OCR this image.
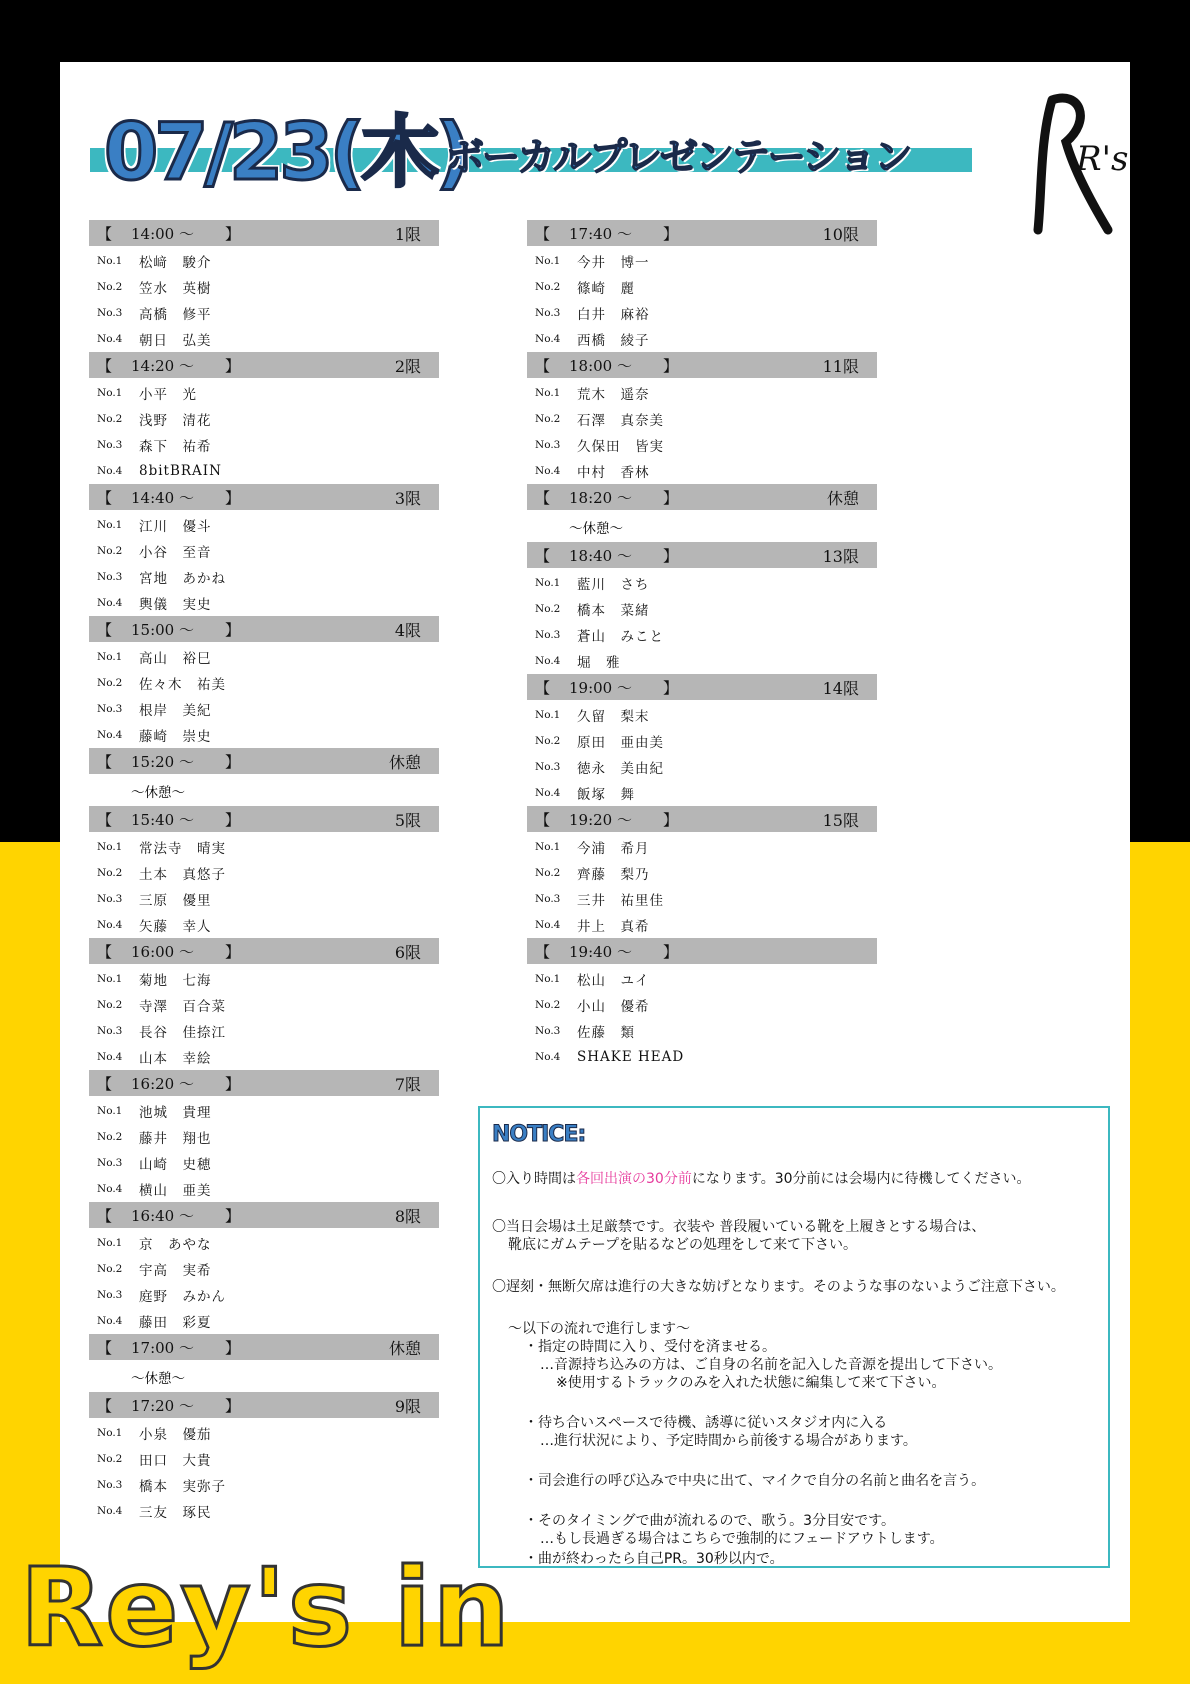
07/23(木)
ボーカルプレゼンテーション	R's
【 14:00 〜 】	1限
No.1	松﨑　駿介
No.2	笠水　英樹
No.3	高橋　修平
No.4	朝日　弘美
【 14:20 〜 】	2限
No.1	小平　光
No.2	浅野　清花
No.3	森下　祐希
No.4	8bitBRAIN
【 14:40 〜 】	3限
No.1	江川　優斗
No.2	小谷　至音
No.3	宮地　あかね
No.4	輿儀　実史
【 15:00 〜 】	4限
No.1	高山　裕巳
No.2	佐々木　祐美
No.3	根岸　美紀
No.4	藤崎　崇史
【 15:20 〜 】	休憩
〜休憩〜
【 15:40 〜 】	5限
No.1	常法寺　晴実
No.2	土本　真悠子
No.3	三原　優里
No.4	矢藤　幸人
【 16:00 〜 】	6限
No.1	菊地　七海
No.2	寺澤　百合菜
No.3	長谷　佳捺江
No.4	山本　幸絵
【 16:20 〜 】	7限
No.1	池城　貴理
No.2	藤井　翔也
No.3	山崎　史穂
No.4	横山　亜美
【 16:40 〜 】	8限
No.1	京　あやな
No.2	宇高　実希
No.3	庭野　みかん
No.4	藤田　彩夏
【 17:00 〜 】	休憩
〜休憩〜
【 17:20 〜 】	9限
No.1	小泉　優茄
No.2	田口　大貴
No.3	橋本　実弥子
No.4	三友　琢民
【 17:40 〜 】	10限
No.1	今井　博一
No.2	篠崎　麗
No.3	白井　麻裕
No.4	西橋　綾子
【 18:00 〜 】	11限
No.1	荒木　遥奈
No.2	石澤　真奈美
No.3	久保田　皆実
No.4	中村　香林
【 18:20 〜 】	休憩
〜休憩〜
【 18:40 〜 】	13限
No.1	藍川　さち
No.2	橋本　菜緒
No.3	蒼山　みこと
No.4	堀　雅
【 19:00 〜 】	14限
No.1	久留　梨末
No.2	原田　亜由美
No.3	徳永　美由紀
No.4	飯塚　舞
【 19:20 〜 】	15限
No.1	今浦　希月
No.2	齊藤　梨乃
No.3	三井　祐里佳
No.4	井上　真希
【 19:40 〜 】
No.1	松山　ユイ
No.2	小山　優希
No.3	佐藤　類
No.4	SHAKE HEAD
NOTICE:
〇入り時間は各回出演の30分前になります。30分前には会場内に待機してください。
〇当日会場は土足厳禁です。衣装や 普段履いている靴を上履きとする場合は、
靴底にガムテープを貼るなどの処理をして来て下さい。
〇遅刻・無断欠席は進行の大きな妨げとなります。そのような事のないようご注意下さい。
〜以下の流れで進行します〜
・指定の時間に入り、受付を済ませる。
…音源持ち込みの方は、ご自身の名前を記入した音源を提出して下さい。
※使用するトラックのみを入れた状態に編集して来て下さい。
・待ち合いスペースで待機、誘導に従いスタジオ内に入る
…進行状況により、予定時間から前後する場合があります。
・司会進行の呼び込みで中央に出て、マイクで自分の名前と曲名を言う。
・そのタイミングで曲が流れるので、歌う。3分目安です。
…もし長過ぎる場合はこちらで強制的にフェードアウトします。
・曲が終わったら自己PR。30秒以内で。
Rey's in
